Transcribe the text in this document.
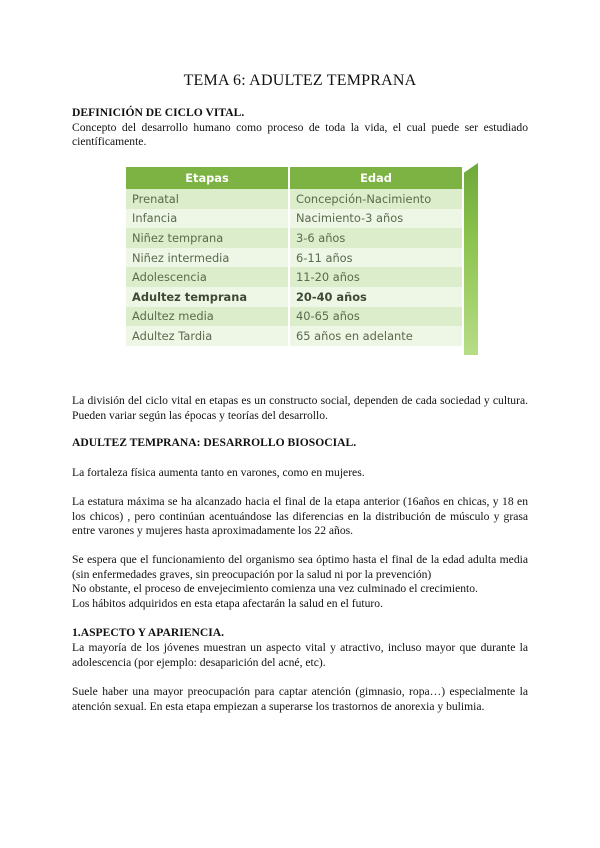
TEMA 6: ADULTEZ TEMPRANA
DEFINICIÓN DE CICLO VITAL.

Concepto del desarrollo humano como proceso de toda la vida, el cual puede ser estudiado científicamente.

Etapas	Edad
Prenatal	Concepción-Nacimiento
Infancia	Nacimiento-3 años
Niñez temprana	3-6 años
Niñez intermedia	6-11 años
Adolescencia	11-20 años
Adultez temprana	20-40 años
Adultez media	40-65 años
Adultez Tardia	65 años en adelante
La división del ciclo vital en etapas es un constructo social, dependen de cada sociedad y cultura. Pueden variar según las épocas y teorías del desarrollo.
ADULTEZ TEMPRANA: DESARROLLO BIOSOCIAL.
La fortaleza física aumenta tanto en varones, como en mujeres.
La estatura máxima se ha alcanzado hacia el final de la etapa anterior (16años en chicas, y 18 en los chicos) , pero continúan acentuándose las diferencias en la distribución de músculo y grasa entre varones y mujeres hasta aproximadamente los 22 años.
Se espera que el funcionamiento del organismo sea óptimo hasta el final de la edad adulta media (sin enfermedades graves, sin preocupación por la salud ni por la prevención)
No obstante, el proceso de envejecimiento comienza una vez culminado el crecimiento.
Los hábitos adquiridos en esta etapa afectarán la salud en el futuro.
1.ASPECTO Y APARIENCIA.
La mayoría de los jóvenes muestran un aspecto vital y atractivo, incluso mayor que durante la adolescencia (por ejemplo: desaparición del acné, etc).
Suele haber una mayor preocupación para captar atención (gimnasio, ropa…) especialmente la atención sexual. En esta etapa empiezan a superarse los trastornos de anorexia y bulimia.
